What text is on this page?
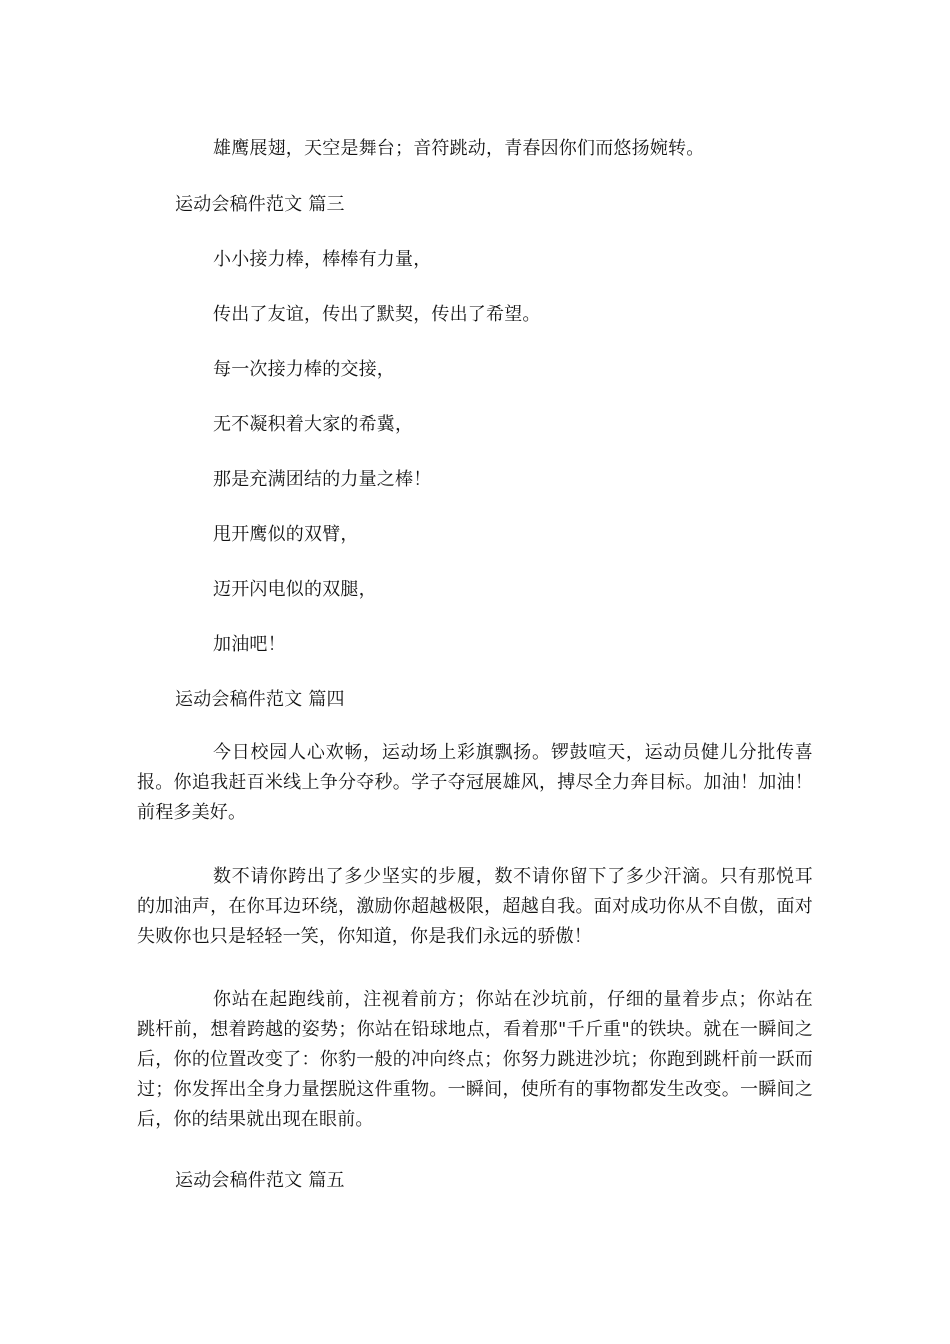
雄鹰展翅，天空是舞台；音符跳动，青春因你们而悠扬婉转。
运动会稿件范文 篇三
小小接力棒，棒棒有力量，
传出了友谊，传出了默契，传出了希望。
每一次接力棒的交接，
无不凝积着大家的希冀，
那是充满团结的力量之棒！
甩开鹰似的双臂，
迈开闪电似的双腿，
加油吧！
运动会稿件范文 篇四
今日校园人心欢畅，运动场上彩旗飘扬。锣鼓喧天，运动员健儿分批传喜报。你追我赶百米线上争分夺秒。学子夺冠展雄风，搏尽全力奔目标。加油！加油！前程多美好。
数不请你跨出了多少坚实的步履，数不请你留下了多少汗滴。只有那悦耳的加油声，在你耳边环绕，激励你超越极限，超越自我。面对成功你从不自傲，面对失败你也只是轻轻一笑，你知道，你是我们永远的骄傲！
你站在起跑线前，注视着前方；你站在沙坑前，仔细的量着步点；你站在跳杆前，想着跨越的姿势；你站在铅球地点，看着那"千斤重"的铁块。就在一瞬间之后，你的位置改变了：你豹一般的冲向终点；你努力跳进沙坑；你跑到跳杆前一跃而过；你发挥出全身力量摆脱这件重物。一瞬间，使所有的事物都发生改变。一瞬间之后，你的结果就出现在眼前。
运动会稿件范文 篇五
